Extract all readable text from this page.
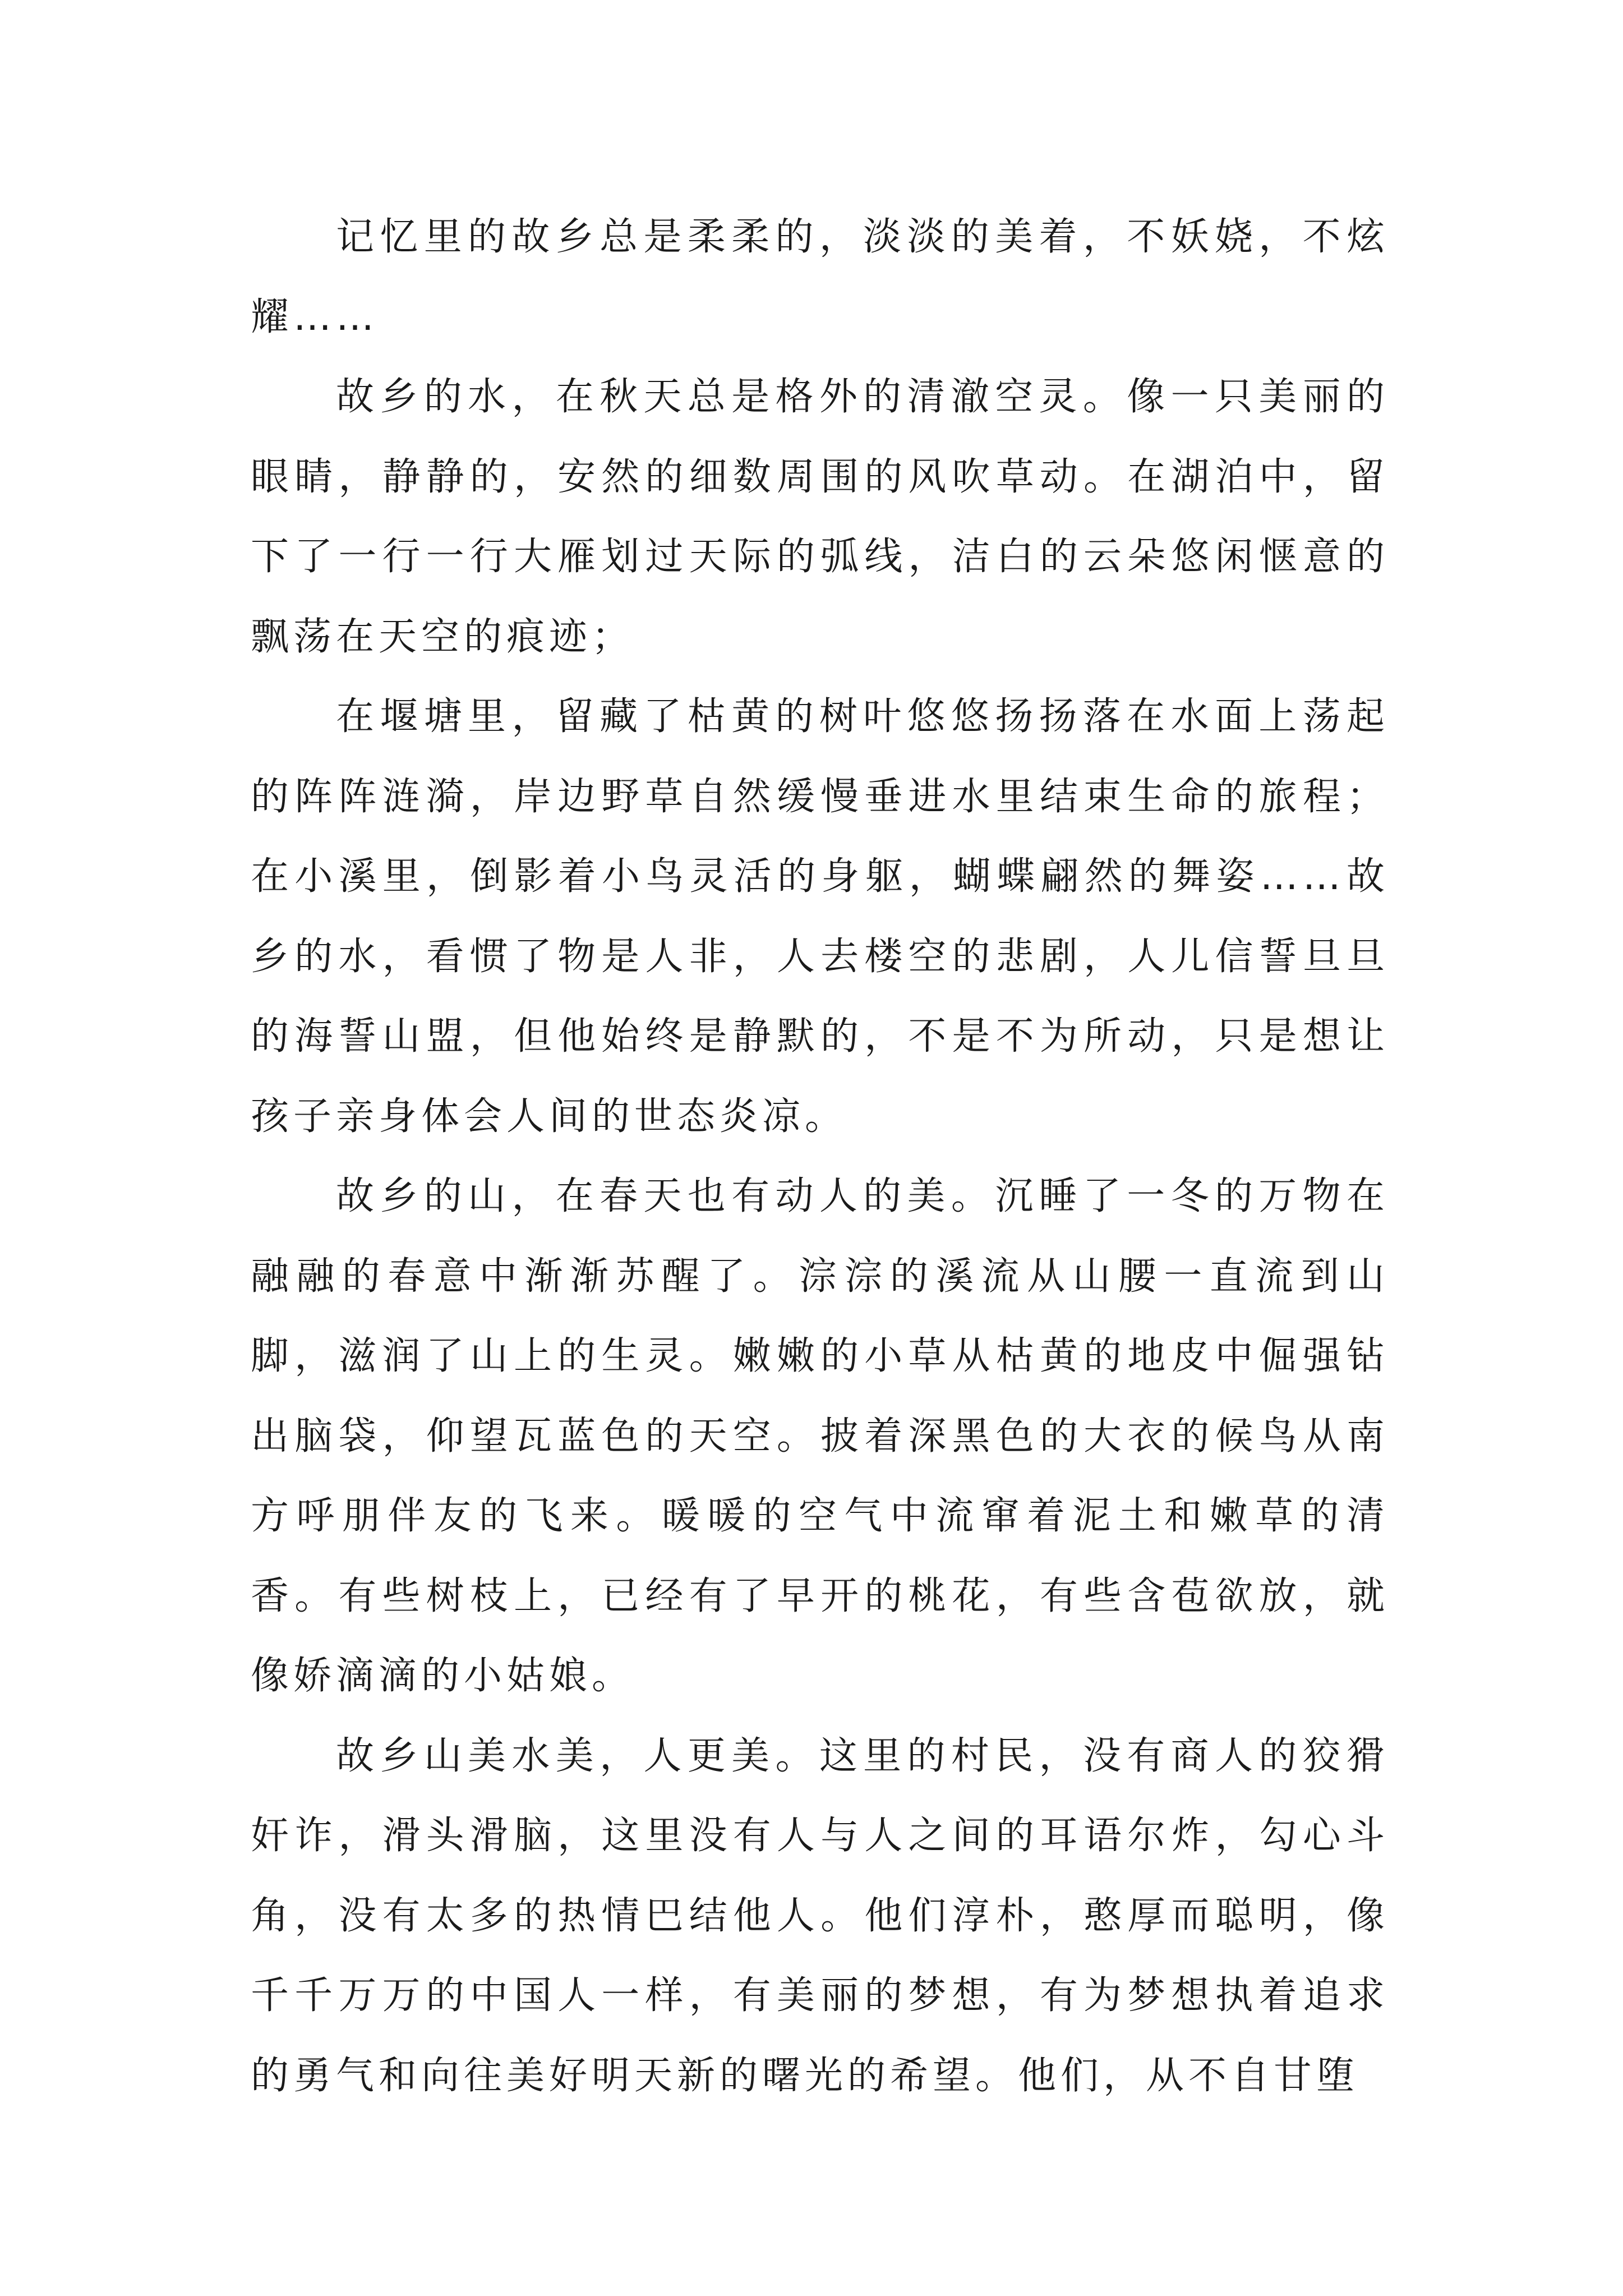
记忆里的故乡总是柔柔的，淡淡的美着，不妖娆，不炫耀……

故乡的水，在秋天总是格外的清澈空灵。像一只美丽的眼睛，静静的，安然的细数周围的风吹草动。在湖泊中，留下了一行一行大雁划过天际的弧线，洁白的云朵悠闲惬意的飘荡在天空的痕迹；

在堰塘里，留藏了枯黄的树叶悠悠扬扬落在水面上荡起的阵阵涟漪，岸边野草自然缓慢垂进水里结束生命的旅程；在小溪里，倒影着小鸟灵活的身躯，蝴蝶翩然的舞姿……故乡的水，看惯了物是人非，人去楼空的悲剧，人儿信誓旦旦的海誓山盟，但他始终是静默的，不是不为所动，只是想让孩子亲身体会人间的世态炎凉。

故乡的山，在春天也有动人的美。沉睡了一冬的万物在融融的春意中渐渐苏醒了。淙淙的溪流从山腰一直流到山脚，滋润了山上的生灵。嫩嫩的小草从枯黄的地皮中倔强钻出脑袋，仰望瓦蓝色的天空。披着深黑色的大衣的候鸟从南方呼朋伴友的飞来。暖暖的空气中流窜着泥土和嫩草的清香。有些树枝上，已经有了早开的桃花，有些含苞欲放，就像娇滴滴的小姑娘。

故乡山美水美，人更美。这里的村民，没有商人的狡猾奸诈，滑头滑脑，这里没有人与人之间的耳语尔炸，勾心斗角，没有太多的热情巴结他人。他们淳朴，憨厚而聪明，像千千万万的中国人一样，有美丽的梦想，有为梦想执着追求的勇气和向往美好明天新的曙光的希望。他们，从不自甘堕
